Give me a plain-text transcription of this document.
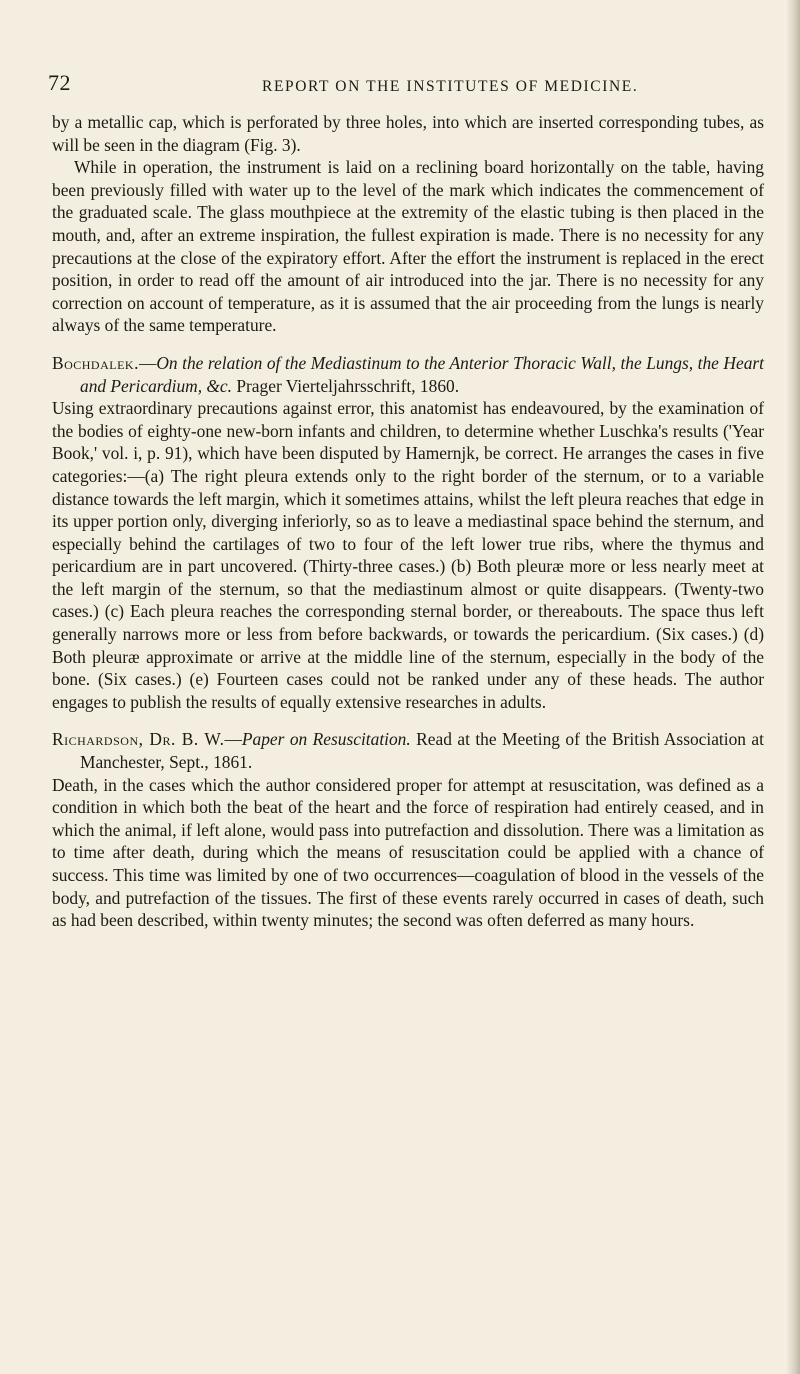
72	REPORT ON THE INSTITUTES OF MEDICINE.

by a metallic cap, which is perforated by three holes, into which are inserted corresponding tubes, as will be seen in the diagram (Fig. 3).

While in operation, the instrument is laid on a reclining board horizontally on the table, having been previously filled with water up to the level of the mark which indicates the commencement of the graduated scale. The glass mouthpiece at the extremity of the elastic tubing is then placed in the mouth, and, after an extreme inspiration, the fullest expiration is made. There is no necessity for any precautions at the close of the expiratory effort. After the effort the instrument is replaced in the erect position, in order to read off the amount of air introduced into the jar. There is no necessity for any correction on account of temperature, as it is assumed that the air proceeding from the lungs is nearly always of the same temperature.

Bochdalek.—On the relation of the Mediastinum to the Anterior Thoracic Wall, the Lungs, the Heart and Pericardium, &c. Prager Vierteljahrsschrift, 1860.

Using extraordinary precautions against error, this anatomist has endeavoured, by the examination of the bodies of eighty-one new-born infants and children, to determine whether Luschka's results ('Year Book,' vol. i, p. 91), which have been disputed by Hamernjk, be correct. He arranges the cases in five categories:—(a) The right pleura extends only to the right border of the sternum, or to a variable distance towards the left margin, which it sometimes attains, whilst the left pleura reaches that edge in its upper portion only, diverging inferiorly, so as to leave a mediastinal space behind the sternum, and especially behind the cartilages of two to four of the left lower true ribs, where the thymus and pericardium are in part uncovered. (Thirty-three cases.) (b) Both pleuræ more or less nearly meet at the left margin of the sternum, so that the mediastinum almost or quite disappears. (Twenty-two cases.) (c) Each pleura reaches the corresponding sternal border, or thereabouts. The space thus left generally narrows more or less from before backwards, or towards the pericardium. (Six cases.) (d) Both pleuræ approximate or arrive at the middle line of the sternum, especially in the body of the bone. (Six cases.) (e) Fourteen cases could not be ranked under any of these heads. The author engages to publish the results of equally extensive researches in adults.

Richardson, Dr. B. W.—Paper on Resuscitation. Read at the Meeting of the British Association at Manchester, Sept., 1861.

Death, in the cases which the author considered proper for attempt at resuscitation, was defined as a condition in which both the beat of the heart and the force of respiration had entirely ceased, and in which the animal, if left alone, would pass into putrefaction and dissolution. There was a limitation as to time after death, during which the means of resuscitation could be applied with a chance of success. This time was limited by one of two occurrences—coagulation of blood in the vessels of the body, and putrefaction of the tissues. The first of these events rarely occurred in cases of death, such as had been described, within twenty minutes; the second was often deferred as many hours.
